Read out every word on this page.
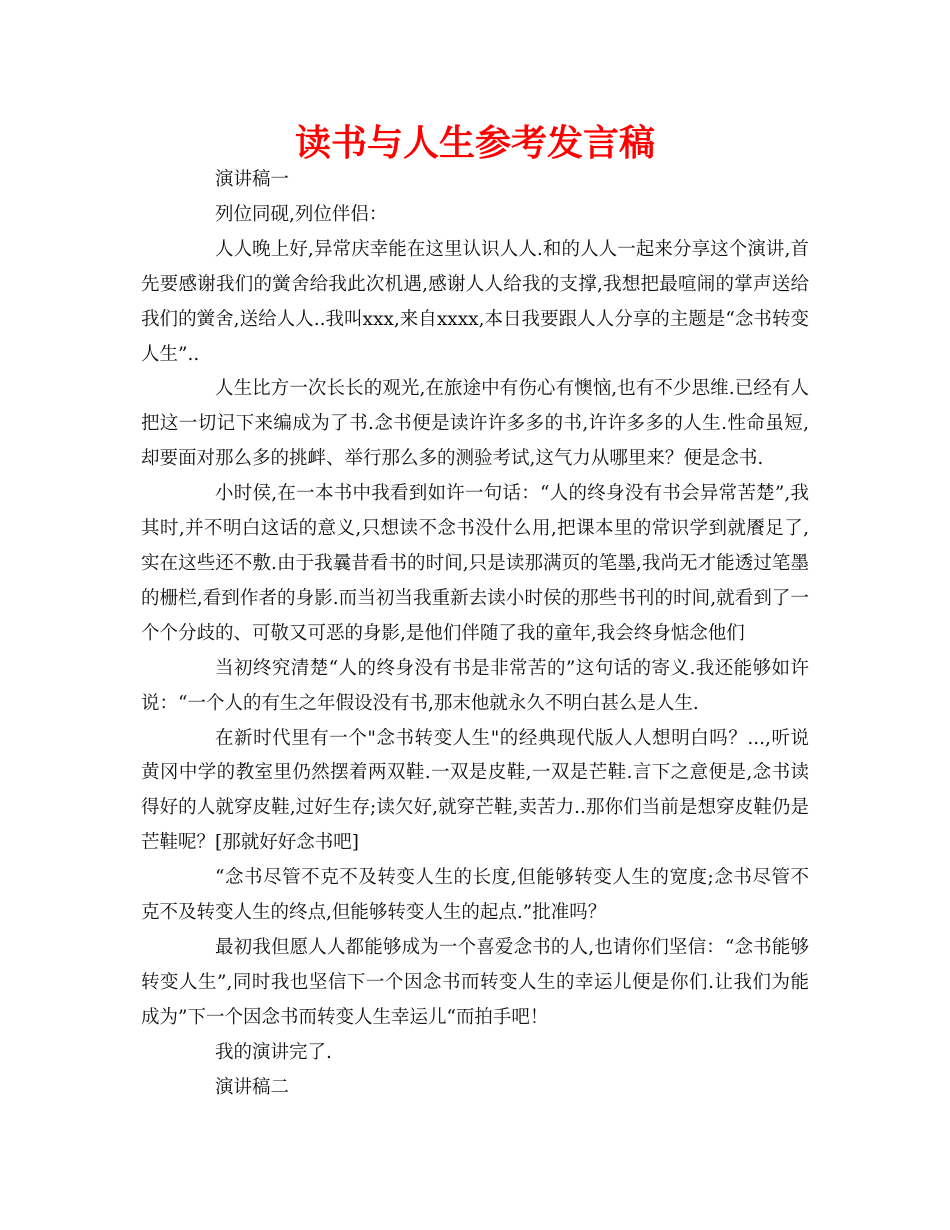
读书与人生参考发言稿

演讲稿一

列位同砚,列位伴侣：

人人晚上好,异常庆幸能在这里认识人人.和的人人一起来分享这个演讲,首先要感谢我们的黉舍给我此次机遇,感谢人人给我的支撑,我想把最喧闹的掌声送给我们的黉舍,送给人人..我叫xxx,来自xxxx,本日我要跟人人分享的主题是“念书转变人生”..

人生比方一次长长的观光,在旅途中有伤心有懊恼,也有不少思维.已经有人把这一切记下来编成为了书.念书便是读许许多多的书,许许多多的人生.性命虽短,却要面对那么多的挑衅、举行那么多的测验考试,这气力从哪里来？便是念书.

小时侯,在一本书中我看到如许一句话：“人的终身没有书会异常苦楚”,我其时,并不明白这话的意义,只想读不念书没什么用,把课本里的常识学到就餍足了,实在这些还不敷.由于我曩昔看书的时间,只是读那满页的笔墨,我尚无才能透过笔墨的栅栏,看到作者的身影.而当初当我重新去读小时侯的那些书刊的时间,就看到了一个个分歧的、可敬又可恶的身影,是他们伴随了我的童年,我会终身惦念他们

当初终究清楚“人的终身没有书是非常苦的”这句话的寄义.我还能够如许说：“一个人的有生之年假设没有书,那末他就永久不明白甚么是人生.

在新时代里有一个"念书转变人生"的经典现代版人人想明白吗？...,听说黄冈中学的教室里仍然摆着两双鞋.一双是皮鞋,一双是芒鞋.言下之意便是,念书读得好的人就穿皮鞋,过好生存;读欠好,就穿芒鞋,卖苦力..那你们当前是想穿皮鞋仍是芒鞋呢？[那就好好念书吧]

“念书尽管不克不及转变人生的长度,但能够转变人生的宽度;念书尽管不克不及转变人生的终点,但能够转变人生的起点.”批准吗？

最初我但愿人人都能够成为一个喜爱念书的人,也请你们坚信：“念书能够转变人生”,同时我也坚信下一个因念书而转变人生的幸运儿便是你们.让我们为能成为”下一个因念书而转变人生幸运儿“而拍手吧！

我的演讲完了.

演讲稿二
